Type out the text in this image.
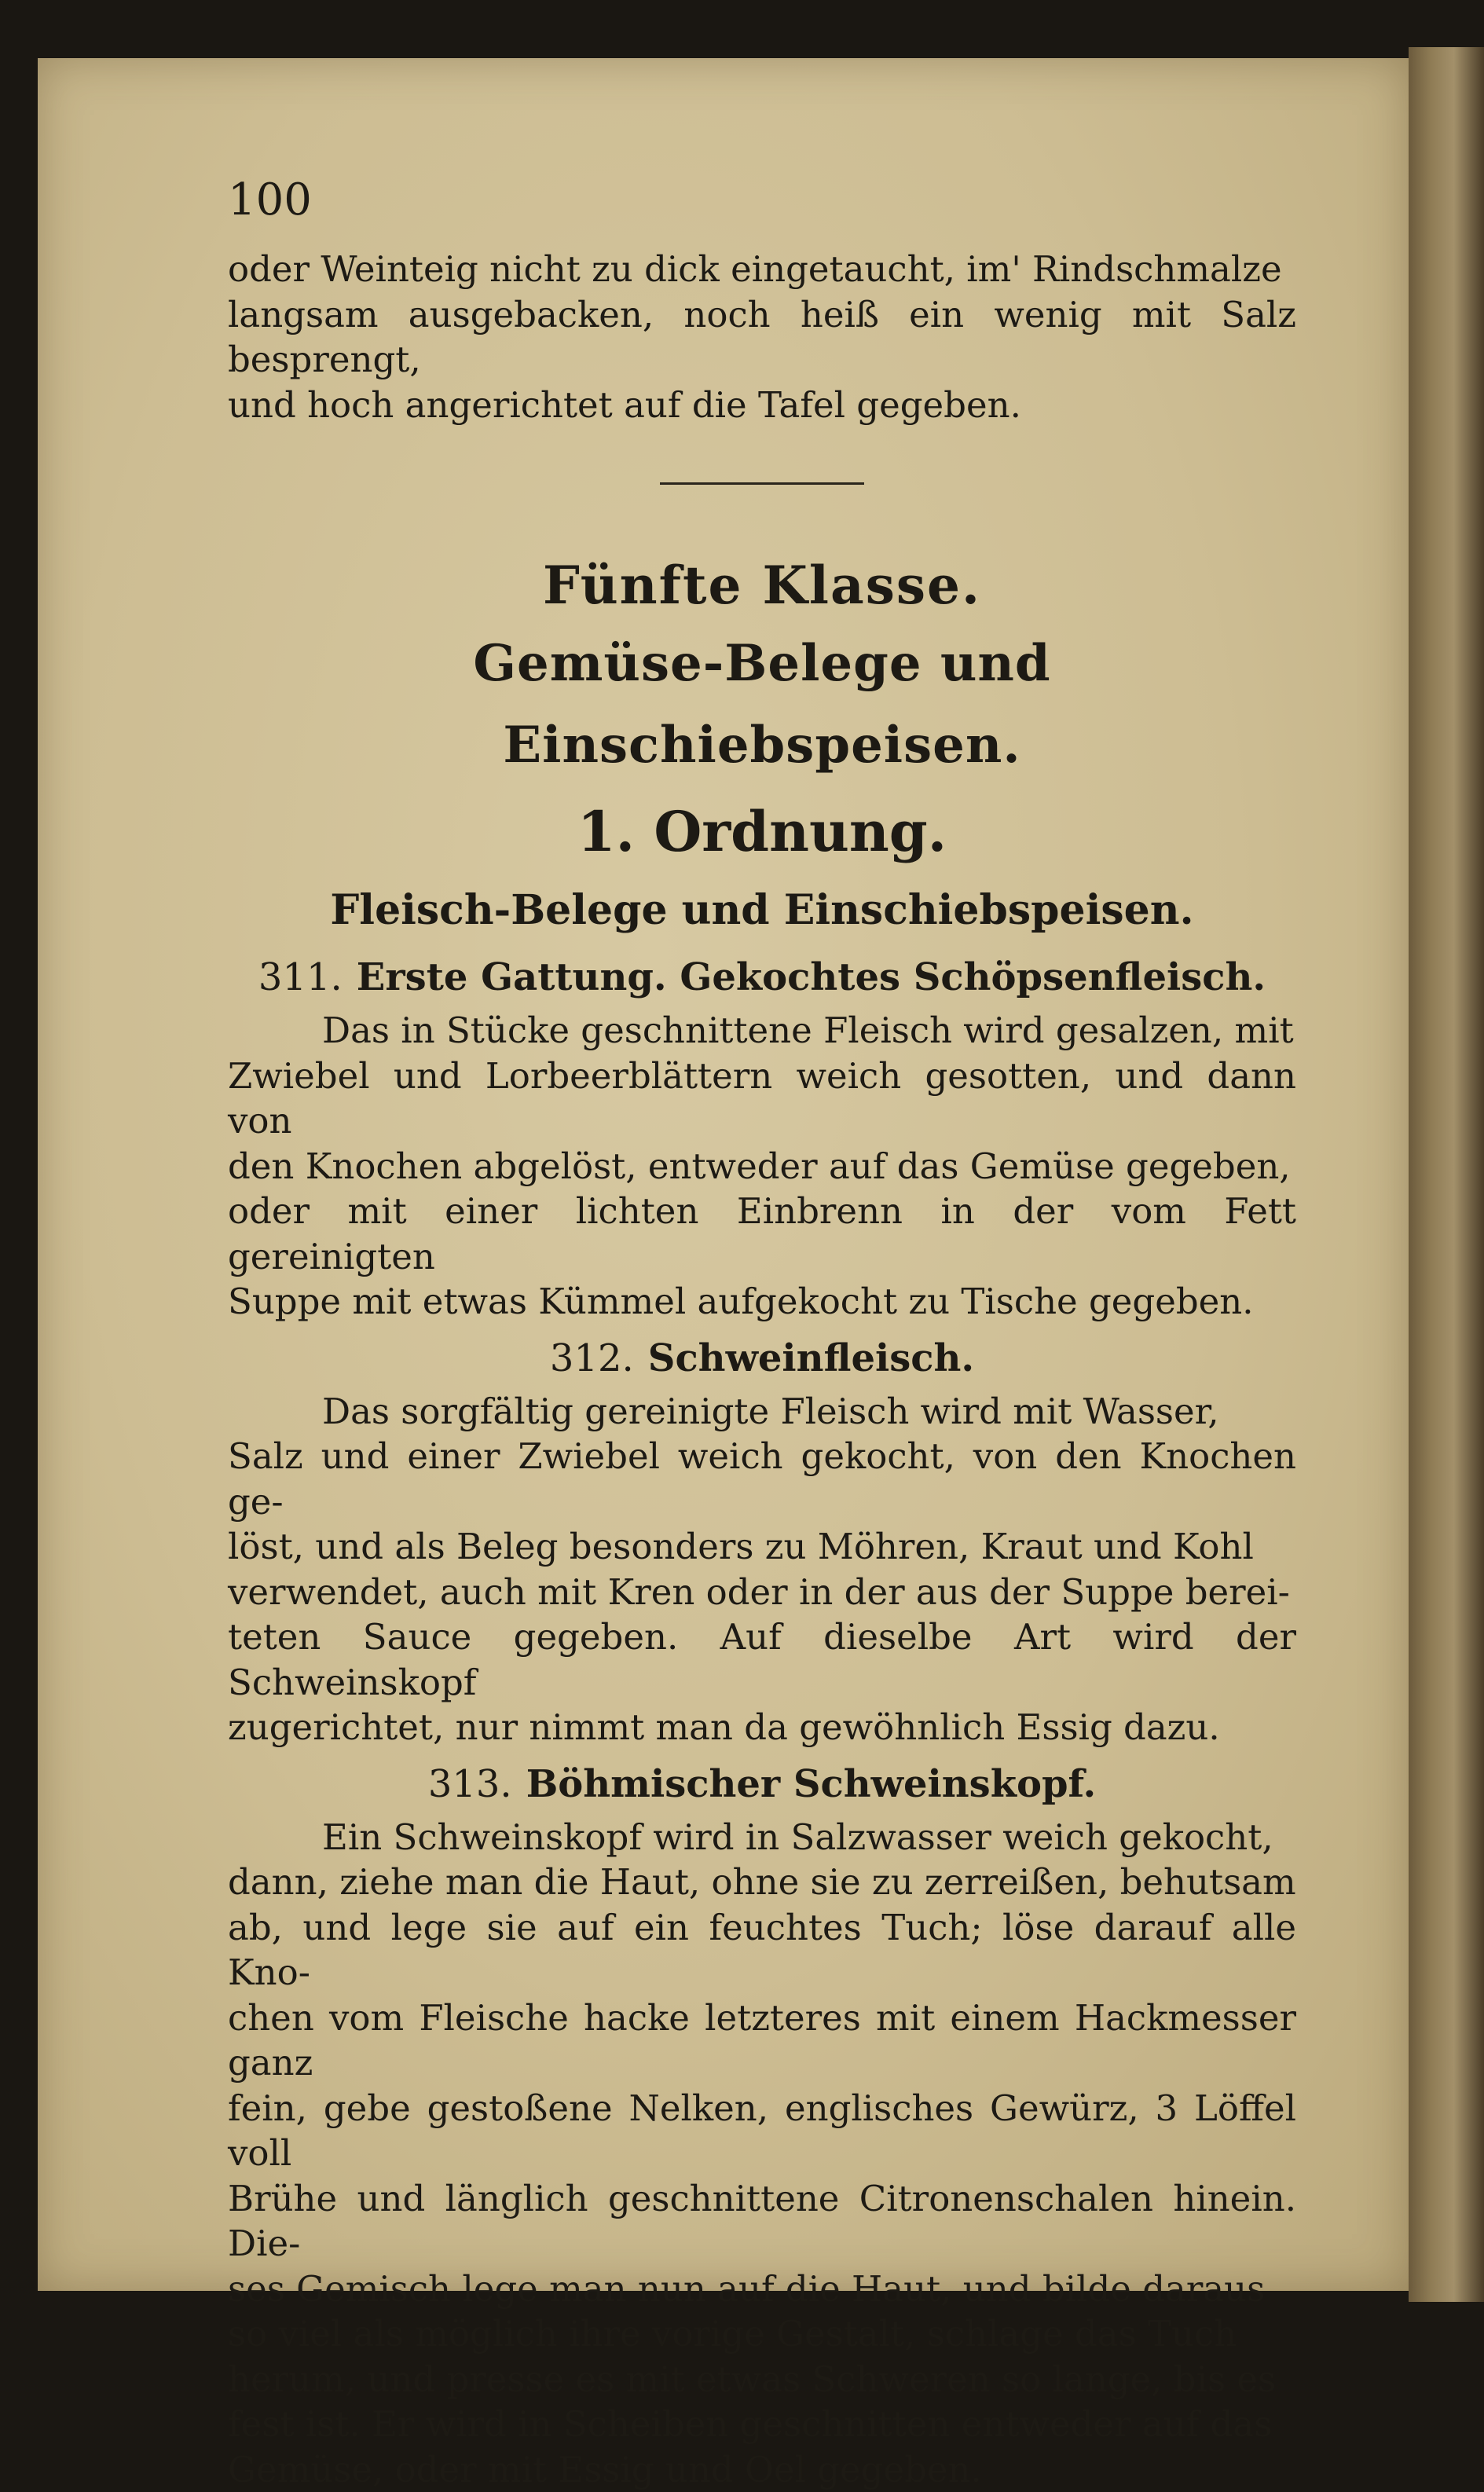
100

oder Weinteig nicht zu dick eingetaucht, im' Rindschmalze

langsam ausgebacken, noch heiß ein wenig mit Salz besprengt,

und hoch angerichtet auf die Tafel gegeben.

Fünfte Klasse.
Gemüse-Belege und Einschiebspeisen.
1. Ordnung.
Fleisch-Belege und Einschiebspeisen.
311. Erste Gattung. Gekochtes Schöpsenfleisch.

Das in Stücke geschnittene Fleisch wird gesalzen, mit

Zwiebel und Lorbeerblättern weich gesotten, und dann von

den Knochen abgelöst, entweder auf das Gemüse gegeben,

oder mit einer lichten Einbrenn in der vom Fett gereinigten

Suppe mit etwas Kümmel aufgekocht zu Tische gegeben.

312. Schweinfleisch.

Das sorgfältig gereinigte Fleisch wird mit Wasser,

Salz und einer Zwiebel weich gekocht, von den Knochen ge-

löst, und als Beleg besonders zu Möhren, Kraut und Kohl

verwendet, auch mit Kren oder in der aus der Suppe berei-

teten Sauce gegeben. Auf dieselbe Art wird der Schweinskopf

zugerichtet, nur nimmt man da gewöhnlich Essig dazu.

313. Böhmischer Schweinskopf.

Ein Schweinskopf wird in Salzwasser weich gekocht,

dann, ziehe man die Haut, ohne sie zu zerreißen, behutsam

ab, und lege sie auf ein feuchtes Tuch; löse darauf alle Kno-

chen vom Fleische hacke letzteres mit einem Hackmesser ganz

fein, gebe gestoßene Nelken, englisches Gewürz, 3 Löffel voll

Brühe und länglich geschnittene Citronenschalen hinein. Die-

ses Gemisch lege man nun auf die Haut, und bilde daraus

so viel als möglich ihre vorige Gestalt, schlage das Tuch

herum, und presse es mit etwas Schweren so lange, bis es

fest ist. Er wird in Scheiben geschnitten entweder auf das

Gemüse, oder mit Essig und Oel gegeben.
